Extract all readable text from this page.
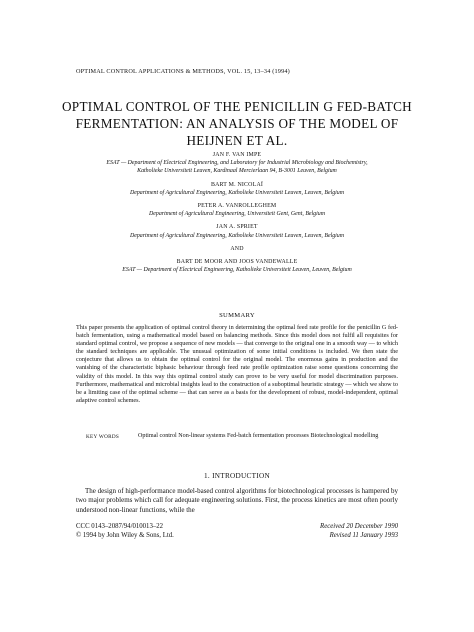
OPTIMAL CONTROL APPLICATIONS & METHODS, VOL. 15, 13–34 (1994)
OPTIMAL CONTROL OF THE PENICILLIN G FED-BATCH
FERMENTATION: AN ANALYSIS OF THE MODEL OF
HEIJNEN ET AL.
JAN F. VAN IMPE
ESAT — Department of Electrical Engineering, and Laboratory for Industrial Microbiology and Biochemistry,
Katholieke Universiteit Leuven, Kardinaal Mercierlaan 94, B-3001 Leuven, Belgium
BART M. NICOLAÏ
Department of Agricultural Engineering, Katholieke Universiteit Leuven, Leuven, Belgium
PETER A. VANROLLEGHEM
Department of Agricultural Engineering, Universiteit Gent, Gent, Belgium
JAN A. SPRIET
Department of Agricultural Engineering, Katholieke Universiteit Leuven, Leuven, Belgium
AND
BART DE MOOR AND JOOS VANDEWALLE
ESAT — Department of Electrical Engineering, Katholieke Universiteit Leuven, Leuven, Belgium
SUMMARY
This paper presents the application of optimal control theory in determining the optimal feed rate profile for the penicillin G fed-batch fermentation, using a mathematical model based on balancing methods. Since this model does not fulfil all requisites for standard optimal control, we propose a sequence of new models — that converge to the original one in a smooth way — to which the standard techniques are applicable. The unusual optimization of some initial conditions is included. We then state the conjecture that allows us to obtain the optimal control for the original model. The enormous gains in production and the vanishing of the characteristic biphasic behaviour through feed rate profile optimization raise some questions concerning the validity of this model. In this way this optimal control study can prove to be very useful for model discrimination purposes. Furthermore, mathematical and microbial insights lead to the construction of a suboptimal heuristic strategy — which we show to be a limiting case of the optimal scheme — that can serve as a basis for the development of robust, model-independent, optimal adaptive control schemes.
KEY WORDS	Optimal control Non-linear systems Fed-batch fermentation processes Biotechnological modelling
1. INTRODUCTION
The design of high-performance model-based control algorithms for biotechnological processes is hampered by two major problems which call for adequate engineering solutions. First, the process kinetics are most often poorly understood non-linear functions, while the
CCC 0143–2087/94/010013–22	Received 20 December 1990
© 1994 by John Wiley & Sons, Ltd.	Revised 11 January 1993
